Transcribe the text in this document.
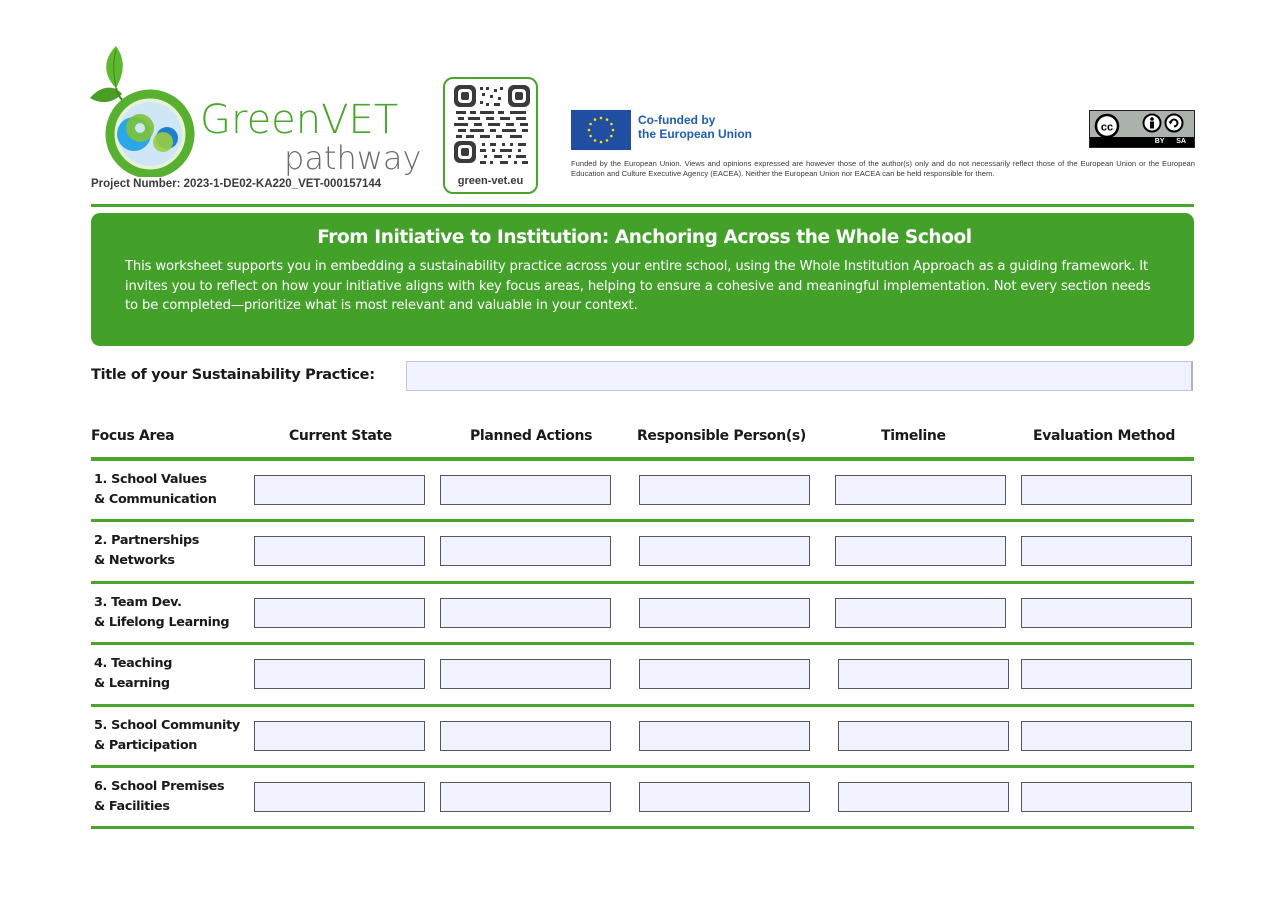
GreenVET
pathway
Project Number: 2023-1-DE02-KA220_VET-000157144	green-vet.eu
Co-funded by
the European Union
Funded by the European Union. Views and opinions expressed are however those of the author(s) only and do not necessarily reflect those of the European Union or the European Education and Culture Executive Agency (EACEA). Neither the European Union nor EACEA can be held responsible for them.
cc
BY SA
From Initiative to Institution: Anchoring Across the Whole School
This worksheet supports you in embedding a sustainability practice across your entire school, using the Whole Institution Approach as a guiding framework. It invites you to reflect on how your initiative aligns with key focus areas, helping to ensure a cohesive and meaningful implementation. Not every section needs to be completed—prioritize what is most relevant and valuable in your context.
Title of your Sustainability Practice:
Focus Area	Current State	Planned Actions	Responsible Person(s)	Timeline	Evaluation Method
1. School Values
& Communication
2. Partnerships
& Networks
3. Team Dev.
& Lifelong Learning
4. Teaching
& Learning
5. School Community
& Participation
6. School Premises
& Facilities
